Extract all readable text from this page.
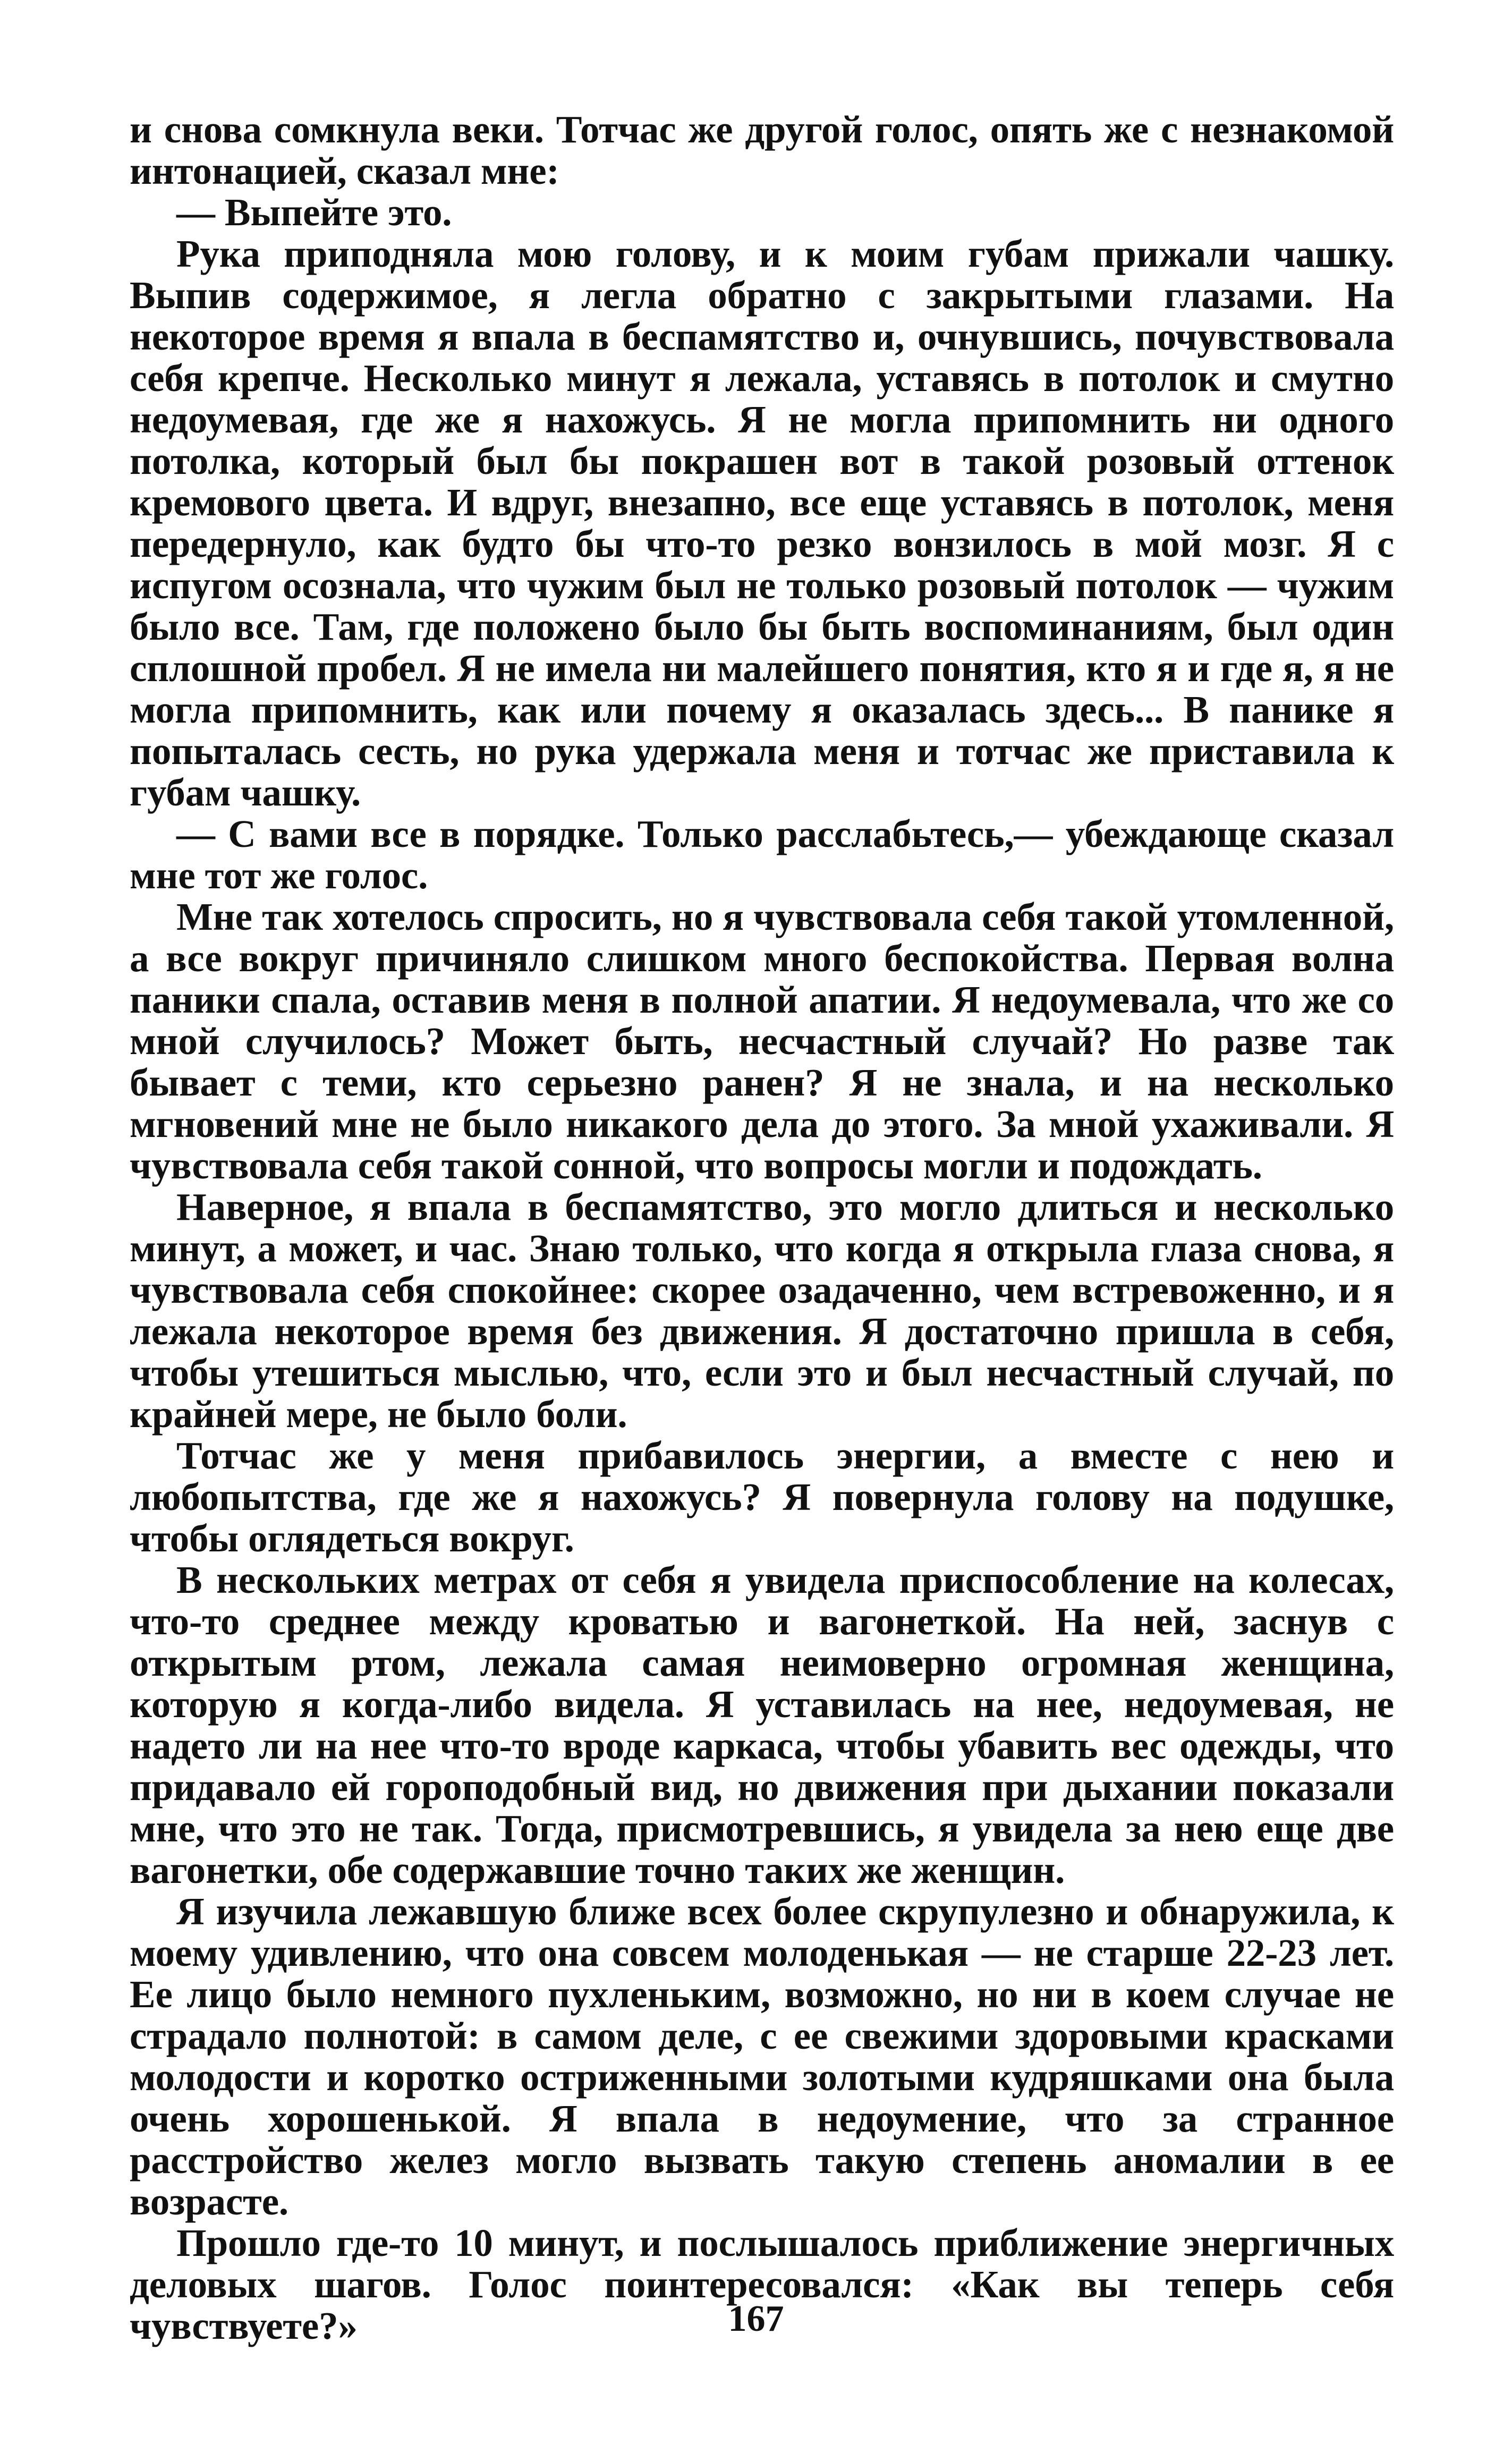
и снова сомкнула веки. Тотчас же другой голос, опять же с незнакомой интонацией, сказал мне:

— Выпейте это.

Рука приподняла мою голову, и к моим губам прижали чашку. Выпив содержимое, я легла обратно с закрытыми глазами. На некоторое время я впала в беспамятство и, очнувшись, почувствовала себя крепче. Несколько минут я лежала, уставясь в потолок и смутно недоумевая, где же я нахожусь. Я не могла припомнить ни одного потолка, который был бы покрашен вот в такой розовый оттенок кремового цвета. И вдруг, внезапно, все еще уставясь в потолок, меня передернуло, как будто бы что-то резко вонзилось в мой мозг. Я с испугом осознала, что чужим был не только розовый потолок — чужим было все. Там, где положено было бы быть воспоминаниям, был один сплошной пробел. Я не имела ни малейшего понятия, кто я и где я, я не могла припомнить, как или почему я оказалась здесь... В панике я попыталась сесть, но рука удержала меня и тотчас же приставила к губам чашку.

— С вами все в порядке. Только расслабьтесь,— убеждающе сказал мне тот же голос.

Мне так хотелось спросить, но я чувствовала себя такой утомленной, а все вокруг причиняло слишком много беспокойства. Первая волна паники спала, оставив меня в полной апатии. Я недоумевала, что же со мной случилось? Может быть, несчастный случай? Но разве так бывает с теми, кто серьезно ранен? Я не знала, и на несколько мгновений мне не было никакого дела до этого. За мной ухаживали. Я чувствовала себя такой сонной, что вопросы могли и подождать.

Наверное, я впала в беспамятство, это могло длиться и несколько минут, а может, и час. Знаю только, что когда я открыла глаза снова, я чувствовала себя спокойнее: скорее озадаченно, чем встревоженно, и я лежала некоторое время без движения. Я достаточно пришла в себя, чтобы утешиться мыслью, что, если это и был несчастный случай, по крайней мере, не было боли.

Тотчас же у меня прибавилось энергии, а вместе с нею и любопытства, где же я нахожусь? Я повернула голову на подушке, чтобы оглядеться вокруг.

В нескольких метрах от себя я увидела приспособление на колесах, что-то среднее между кроватью и вагонеткой. На ней, заснув с открытым ртом, лежала самая неимоверно огромная женщина, которую я когда-либо видела. Я уставилась на нее, недоумевая, не надето ли на нее что-то вроде каркаса, чтобы убавить вес одежды, что придавало ей гороподобный вид, но движения при дыхании показали мне, что это не так. Тогда, присмотревшись, я увидела за нею еще две вагонетки, обе содержавшие точно таких же женщин.

Я изучила лежавшую ближе всех более скрупулезно и обнаружила, к моему удивлению, что она совсем молоденькая — не старше 22-23 лет. Ее лицо было немного пухленьким, возможно, но ни в коем случае не страдало полнотой: в самом деле, с ее свежими здоровыми красками молодости и коротко остриженными золотыми кудряшками она была очень хорошенькой. Я впала в недоумение, что за странное расстройство желез могло вызвать такую степень аномалии в ее возрасте.

Прошло где-то 10 минут, и послышалось приближение энергичных деловых шагов. Голос поинтересовался: «Как вы теперь себя чувствуете?»	167
